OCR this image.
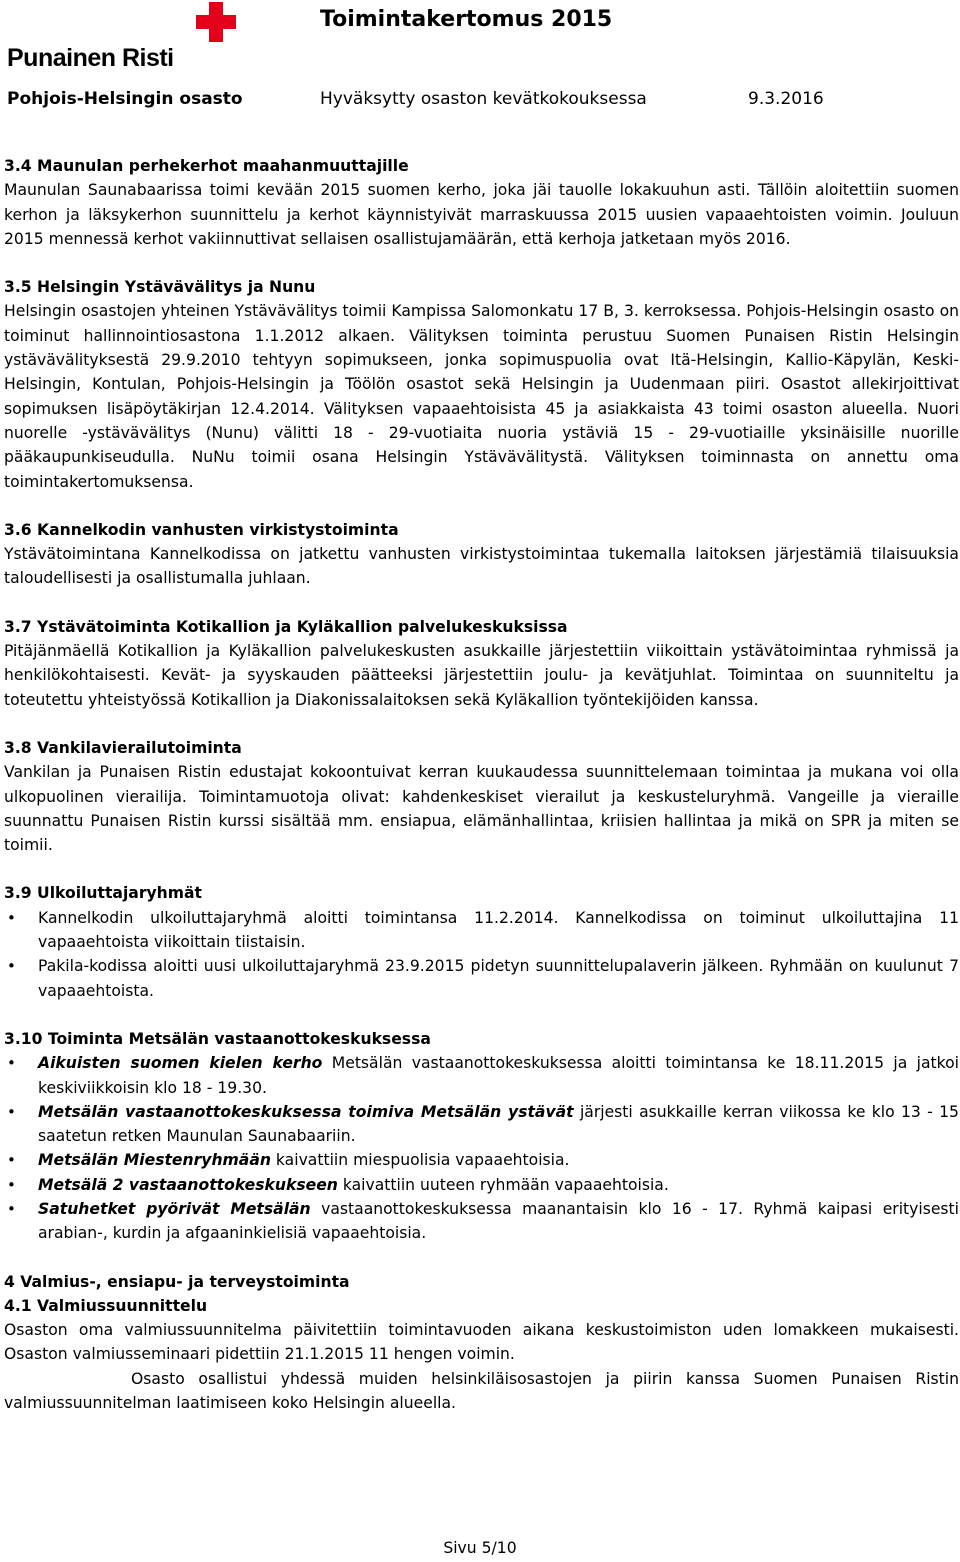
Punainen Risti
Toimintakertomus 2015
Pohjois-Helsingin osasto	Hyväksytty osaston kevätkokouksessa	9.3.2016

3.4 Maunulan perhekerhot maahanmuuttajille

Maunulan Saunabaarissa toimi kevään 2015 suomen kerho, joka jäi tauolle lokakuuhun asti. Tällöin aloitettiin suomen kerhon ja läksykerhon suunnittelu ja kerhot käynnistyivät marraskuussa 2015 uusien vapaaehtoisten voimin. Jouluun 2015 mennessä kerhot vakiinnuttivat sellaisen osallistujamäärän, että kerhoja jatketaan myös 2016.

3.5 Helsingin Ystävävälitys ja Nunu

Helsingin osastojen yhteinen Ystävävälitys toimii Kampissa Salomonkatu 17 B, 3. kerroksessa. Pohjois-Helsingin osasto on toiminut hallinnointiosastona 1.1.2012 alkaen. Välityksen toiminta perustuu Suomen Punaisen Ristin Helsingin ystävävälityksestä 29.9.2010 tehtyyn sopimukseen, jonka sopimuspuolia ovat Itä-Helsingin, Kallio-Käpylän, Keski-Helsingin, Kontulan, Pohjois-Helsingin ja Töölön osastot sekä Helsingin ja Uudenmaan piiri. Osastot allekirjoittivat sopimuksen lisäpöytäkirjan 12.4.2014. Välityksen vapaaehtoisista 45 ja asiakkaista 43 toimi osaston alueella. Nuori nuorelle -ystävävälitys (Nunu) välitti 18 - 29-vuotiaita nuoria ystäviä 15 - 29-vuotiaille yksinäisille nuorille pääkaupunkiseudulla. NuNu toimii osana Helsingin Ystävävälitystä. Välityksen toiminnasta on annettu oma toimintakertomuksensa.

3.6 Kannelkodin vanhusten virkistystoiminta

Ystävätoimintana Kannelkodissa on jatkettu vanhusten virkistystoimintaa tukemalla laitoksen järjestämiä tilaisuuksia taloudellisesti ja osallistumalla juhlaan.

3.7 Ystävätoiminta Kotikallion ja Kyläkallion palvelukeskuksissa

Pitäjänmäellä Kotikallion ja Kyläkallion palvelukeskusten asukkaille järjestettiin viikoittain ystävätoimintaa ryhmissä ja henkilökohtaisesti. Kevät- ja syyskauden päätteeksi järjestettiin joulu- ja kevätjuhlat. Toimintaa on suunniteltu ja toteutettu yhteistyössä Kotikallion ja Diakonissalaitoksen sekä Kyläkallion työntekijöiden kanssa.

3.8 Vankilavierailutoiminta

Vankilan ja Punaisen Ristin edustajat kokoontuivat kerran kuukaudessa suunnittelemaan toimintaa ja mukana voi olla ulkopuolinen vierailija. Toimintamuotoja olivat: kahdenkeskiset vierailut ja keskusteluryhmä. Vangeille ja vieraille suunnattu Punaisen Ristin kurssi sisältää mm. ensiapua, elämänhallintaa, kriisien hallintaa ja mikä on SPR ja miten se toimii.

3.9 Ulkoiluttajaryhmät

• Kannelkodin ulkoiluttajaryhmä aloitti toimintansa 11.2.2014. Kannelkodissa on toiminut ulkoiluttajina 11 vapaaehtoista viikoittain tiistaisin.
• Pakila-kodissa aloitti uusi ulkoiluttajaryhmä 23.9.2015 pidetyn suunnittelupalaverin jälkeen. Ryhmään on kuulunut 7 vapaaehtoista.

3.10 Toiminta Metsälän vastaanottokeskuksessa

• Aikuisten suomen kielen kerho Metsälän vastaanottokeskuksessa aloitti toimintansa ke 18.11.2015 ja jatkoi keskiviikkoisin klo 18 - 19.30.
• Metsälän vastaanottokeskuksessa toimiva Metsälän ystävät järjesti asukkaille kerran viikossa ke klo 13 - 15 saatetun retken Maunulan Saunabaariin.
• Metsälän Miestenryhmään kaivattiin miespuolisia vapaaehtoisia.
• Metsälä 2 vastaanottokeskukseen kaivattiin uuteen ryhmään vapaaehtoisia.
• Satuhetket pyörivät Metsälän vastaanottokeskuksessa maanantaisin klo 16 - 17. Ryhmä kaipasi erityisesti arabian-, kurdin ja afgaaninkielisiä vapaaehtoisia.

4 Valmius-, ensiapu- ja terveystoiminta

4.1 Valmiussuunnittelu

Osaston oma valmiussuunnitelma päivitettiin toimintavuoden aikana keskustoimiston uden lomakkeen mukaisesti. Osaston valmiusseminaari pidettiin 21.1.2015 11 hengen voimin.

Osasto osallistui yhdessä muiden helsinkiläisosastojen ja piirin kanssa Suomen Punaisen Ristin valmiussuunnitelman laatimiseen koko Helsingin alueella.

Sivu 5/10
